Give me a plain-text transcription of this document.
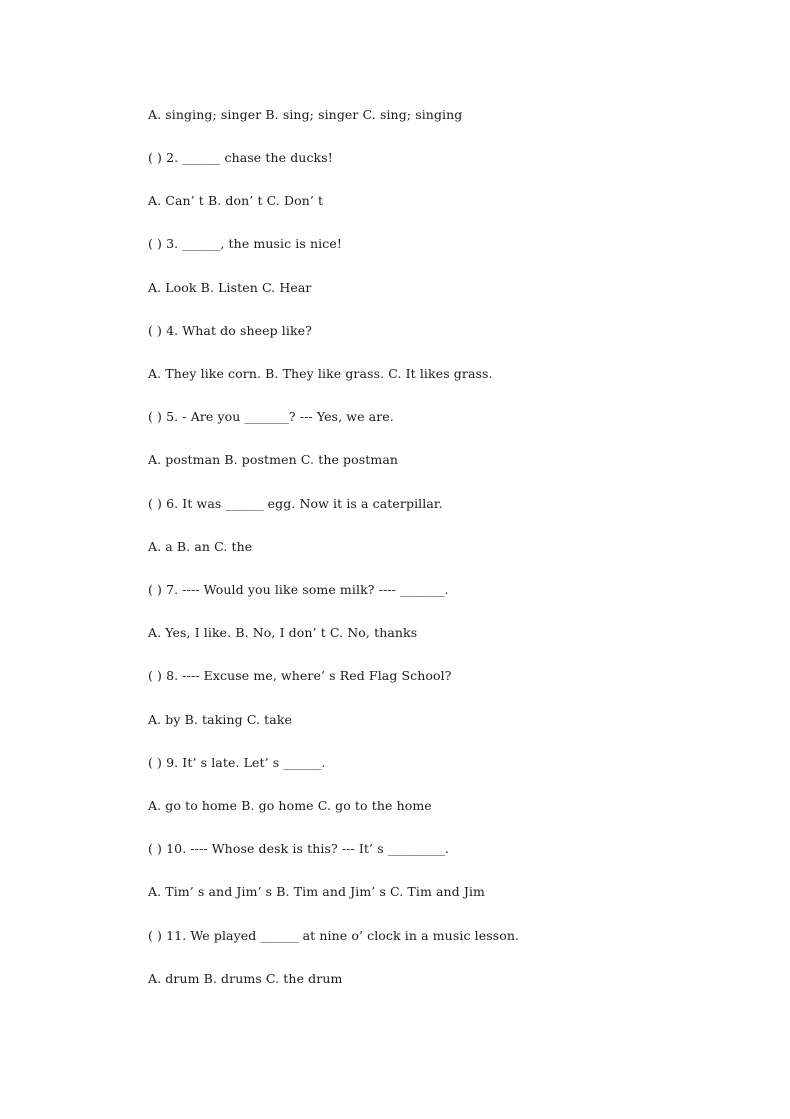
A. singing; singer B. sing; singer C. sing; singing
( ) 2. ______ chase the ducks!
A. Can’ t B. don’ t C. Don’ t
( ) 3. ______, the music is nice!
A. Look B. Listen C. Hear
( ) 4. What do sheep like?
A. They like corn. B. They like grass. C. It likes grass.
( ) 5. - Are you _______? --- Yes, we are.
A. postman B. postmen C. the postman
( ) 6. It was ______ egg. Now it is a caterpillar.
A. a B. an C. the
( ) 7. ---- Would you like some milk? ---- _______.
A. Yes, I like. B. No, I don’ t C. No, thanks
( ) 8. ---- Excuse me, where’ s Red Flag School?
A. by B. taking C. take
( ) 9. It’ s late. Let’ s ______.
A. go to home B. go home C. go to the home
( ) 10. ---- Whose desk is this? --- It’ s _________.
A. Tim’ s and Jim’ s B. Tim and Jim’ s C. Tim and Jim
( ) 11. We played ______ at nine o’ clock in a music lesson.
A. drum B. drums C. the drum
